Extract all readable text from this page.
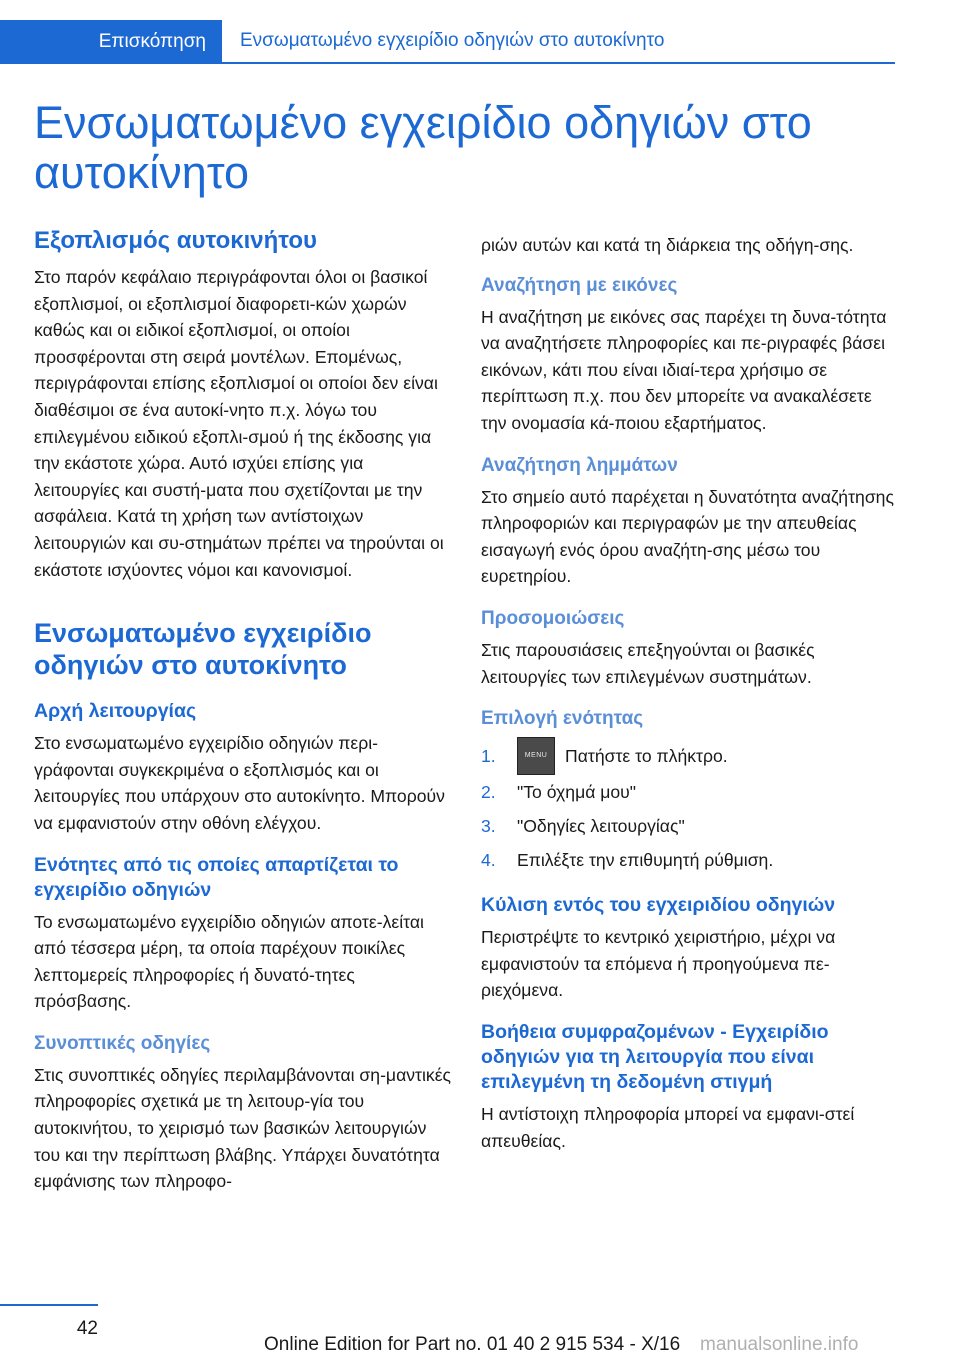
Επισκόπηση	Ενσωματωμένο εγχειρίδιο οδηγιών στο αυτοκίνητο
Ενσωματωμένο εγχειρίδιο οδηγιών στο αυτοκίνητο
Εξοπλισμός αυτοκινήτου

Στο παρόν κεφάλαιο περιγράφονται όλοι οι βασικοί εξοπλισμοί, οι εξοπλισμοί διαφορετι-κών χωρών καθώς και οι ειδικοί εξοπλισμοί, οι οποίοι προσφέρονται στη σειρά μοντέλων. Επομένως, περιγράφονται επίσης εξοπλισμοί οι οποίοι δεν είναι διαθέσιμοι σε ένα αυτοκί-νητο π.χ. λόγω του επιλεγμένου ειδικού εξοπλι-σμού ή της έκδοσης για την εκάστοτε χώρα. Αυτό ισχύει επίσης για λειτουργίες και συστή-ματα που σχετίζονται με την ασφάλεια. Κατά τη χρήση των αντίστοιχων λειτουργιών και συ-στημάτων πρέπει να τηρούνται οι εκάστοτε ισχύοντες νόμοι και κανονισμοί.

Ενσωματωμένο εγχειρίδιο οδηγιών στο αυτοκίνητο
Αρχή λειτουργίας

Στο ενσωματωμένο εγχειρίδιο οδηγιών περι-γράφονται συγκεκριμένα ο εξοπλισμός και οι λειτουργίες που υπάρχουν στο αυτοκίνητο. Μπορούν να εμφανιστούν στην οθόνη ελέγχου.

Ενότητες από τις οποίες απαρτίζεται το εγχειρίδιο οδηγιών

Το ενσωματωμένο εγχειρίδιο οδηγιών αποτε-λείται από τέσσερα μέρη, τα οποία παρέχουν ποικίλες λεπτομερείς πληροφορίες ή δυνατό-τητες πρόσβασης.

Συνοπτικές οδηγίες

Στις συνοπτικές οδηγίες περιλαμβάνονται ση-μαντικές πληροφορίες σχετικά με τη λειτουρ-γία του αυτοκινήτου, το χειρισμό των βασικών λειτουργιών του και την περίπτωση βλάβης. Υπάρχει δυνατότητα εμφάνισης των πληροφο-

ριών αυτών και κατά τη διάρκεια της οδήγη-σης.

Αναζήτηση με εικόνες

Η αναζήτηση με εικόνες σας παρέχει τη δυνα-τότητα να αναζητήσετε πληροφορίες και πε-ριγραφές βάσει εικόνων, κάτι που είναι ιδιαί-τερα χρήσιμο σε περίπτωση π.χ. που δεν μπορείτε να ανακαλέσετε την ονομασία κά-ποιου εξαρτήματος.

Αναζήτηση λημμάτων

Στο σημείο αυτό παρέχεται η δυνατότητα αναζήτησης πληροφοριών και περιγραφών με την απευθείας εισαγωγή ενός όρου αναζήτη-σης μέσω του ευρετηρίου.

Προσομοιώσεις

Στις παρουσιάσεις επεξηγούνται οι βασικές λειτουργίες των επιλεγμένων συστημάτων.

Επιλογή ενότητας
1.	MENU	Πατήστε το πλήκτρο.
2.	"Το όχημά μου"
3.	"Οδηγίες λειτουργίας"
4.	Επιλέξτε την επιθυμητή ρύθμιση.
Κύλιση εντός του εγχειριδίου οδηγιών

Περιστρέψτε το κεντρικό χειριστήριο, μέχρι να εμφανιστούν τα επόμενα ή προηγούμενα πε-ριεχόμενα.

Βοήθεια συμφραζομένων - Εγχειρίδιο οδηγιών για τη λειτουργία που είναι επιλεγμένη τη δεδομένη στιγμή

Η αντίστοιχη πληροφορία μπορεί να εμφανι-στεί απευθείας.

42
Online Edition for Part no. 01 40 2 915 534 - X/16 manualsonline.info
